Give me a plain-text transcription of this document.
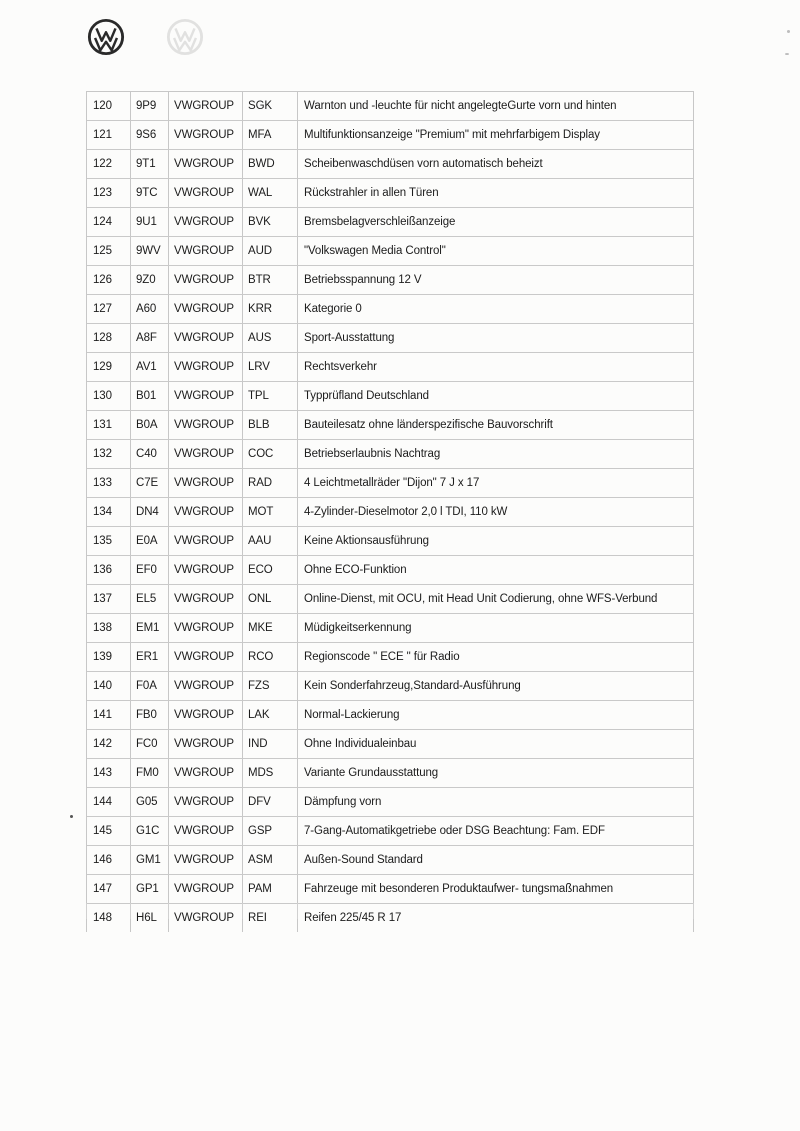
120	9P9	VWGROUP	SGK	Warnton und -leuchte für nicht angelegteGurte vorn und hinten
121	9S6	VWGROUP	MFA	Multifunktionsanzeige "Premium" mit mehrfarbigem Display
122	9T1	VWGROUP	BWD	Scheibenwaschdüsen vorn automatisch beheizt
123	9TC	VWGROUP	WAL	Rückstrahler in allen Türen
124	9U1	VWGROUP	BVK	Bremsbelagverschleißanzeige
125	9WV	VWGROUP	AUD	"Volkswagen Media Control"
126	9Z0	VWGROUP	BTR	Betriebsspannung 12 V
127	A60	VWGROUP	KRR	Kategorie 0
128	A8F	VWGROUP	AUS	Sport-Ausstattung
129	AV1	VWGROUP	LRV	Rechtsverkehr
130	B01	VWGROUP	TPL	Typprüfland Deutschland
131	B0A	VWGROUP	BLB	Bauteilesatz ohne länderspezifische Bauvorschrift
132	C40	VWGROUP	COC	Betriebserlaubnis Nachtrag
133	C7E	VWGROUP	RAD	4 Leichtmetallräder "Dijon" 7 J x 17
134	DN4	VWGROUP	MOT	4-Zylinder-Dieselmotor 2,0 l TDI, 110 kW
135	E0A	VWGROUP	AAU	Keine Aktionsausführung
136	EF0	VWGROUP	ECO	Ohne ECO-Funktion
137	EL5	VWGROUP	ONL	Online-Dienst, mit OCU, mit Head Unit Codierung, ohne WFS-Verbund
138	EM1	VWGROUP	MKE	Müdigkeitserkennung
139	ER1	VWGROUP	RCO	Regionscode " ECE " für Radio
140	F0A	VWGROUP	FZS	Kein Sonderfahrzeug,Standard-Ausführung
141	FB0	VWGROUP	LAK	Normal-Lackierung
142	FC0	VWGROUP	IND	Ohne Individualeinbau
143	FM0	VWGROUP	MDS	Variante Grundausstattung
144	G05	VWGROUP	DFV	Dämpfung vorn
145	G1C	VWGROUP	GSP	7-Gang-Automatikgetriebe oder DSG Beachtung: Fam. EDF
146	GM1	VWGROUP	ASM	Außen-Sound Standard
147	GP1	VWGROUP	PAM	Fahrzeuge mit besonderen Produktaufwer- tungsmaßnahmen
148	H6L	VWGROUP	REI	Reifen 225/45 R 17
